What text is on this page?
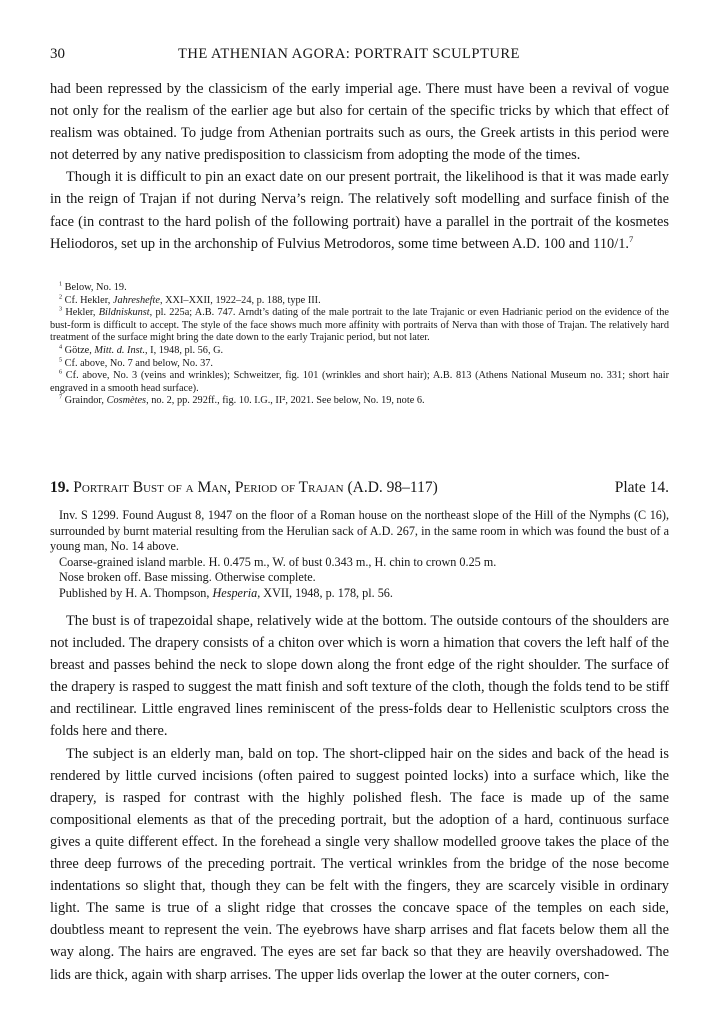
30	THE ATHENIAN AGORA: PORTRAIT SCULPTURE

had been repressed by the classicism of the early imperial age. There must have been a revival of vogue not only for the realism of the earlier age but also for certain of the specific tricks by which that effect of realism was obtained. To judge from Athenian portraits such as ours, the Greek artists in this period were not deterred by any native predisposition to classicism from adopting the mode of the times.

Though it is difficult to pin an exact date on our present portrait, the likelihood is that it was made early in the reign of Trajan if not during Nerva’s reign. The relatively soft modelling and surface finish of the face (in contrast to the hard polish of the following portrait) have a parallel in the portrait of the kosmetes Heliodoros, set up in the archonship of Fulvius Metrodoros, some time between A.D. 100 and 110/1.$^7$

$^1$ Below, No. 19.

$^2$ Cf. Hekler, Jahreshefte, XXI–XXII, 1922–24, p. 188, type III.

$^3$ Hekler, Bildniskunst, pl. 225a; A.B. 747. Arndt’s dating of the male portrait to the late Trajanic or even Hadrianic period on the evidence of the bust-form is difficult to accept. The style of the face shows much more affinity with portraits of Nerva than with those of Trajan. The relatively hard treatment of the surface might bring the date down to the early Trajanic period, but not later.

$^4$ Götze, Mitt. d. Inst., I, 1948, pl. 56, G.

$^5$ Cf. above, No. 7 and below, No. 37.

$^6$ Cf. above, No. 3 (veins and wrinkles); Schweitzer, fig. 101 (wrinkles and short hair); A.B. 813 (Athens National Museum no. 331; short hair engraved in a smooth head surface).

$^7$ Graindor, Cosmètes, no. 2, pp. 292ff., fig. 10. I.G., II², 2021. See below, No. 19, note 6.

19. Portrait Bust of a Man, Period of Trajan (A.D. 98–117)	Plate 14.

Inv. S 1299. Found August 8, 1947 on the floor of a Roman house on the northeast slope of the Hill of the Nymphs (C 16), surrounded by burnt material resulting from the Herulian sack of A.D. 267, in the same room in which was found the bust of a young man, No. 14 above.

Coarse-grained island marble. H. 0.475 m., W. of bust 0.343 m., H. chin to crown 0.25 m.

Nose broken off. Base missing. Otherwise complete.

Published by H. A. Thompson, Hesperia, XVII, 1948, p. 178, pl. 56.

The bust is of trapezoidal shape, relatively wide at the bottom. The outside contours of the shoulders are not included. The drapery consists of a chiton over which is worn a himation that covers the left half of the breast and passes behind the neck to slope down along the front edge of the right shoulder. The surface of the drapery is rasped to suggest the matt finish and soft texture of the cloth, though the folds tend to be stiff and rectilinear. Little engraved lines reminiscent of the press-folds dear to Hellenistic sculptors cross the folds here and there.

The subject is an elderly man, bald on top. The short-clipped hair on the sides and back of the head is rendered by little curved incisions (often paired to suggest pointed locks) into a surface which, like the drapery, is rasped for contrast with the highly polished flesh. The face is made up of the same compositional elements as that of the preceding portrait, but the adoption of a hard, continuous surface gives a quite different effect. In the forehead a single very shallow modelled groove takes the place of the three deep furrows of the preceding portrait. The vertical wrinkles from the bridge of the nose become indentations so slight that, though they can be felt with the fingers, they are scarcely visible in ordinary light. The same is true of a slight ridge that crosses the concave space of the temples on each side, doubtless meant to represent the vein. The eyebrows have sharp arrises and flat facets below them all the way along. The hairs are engraved. The eyes are set far back so that they are heavily overshadowed. The lids are thick, again with sharp arrises. The upper lids overlap the lower at the outer corners, con-
